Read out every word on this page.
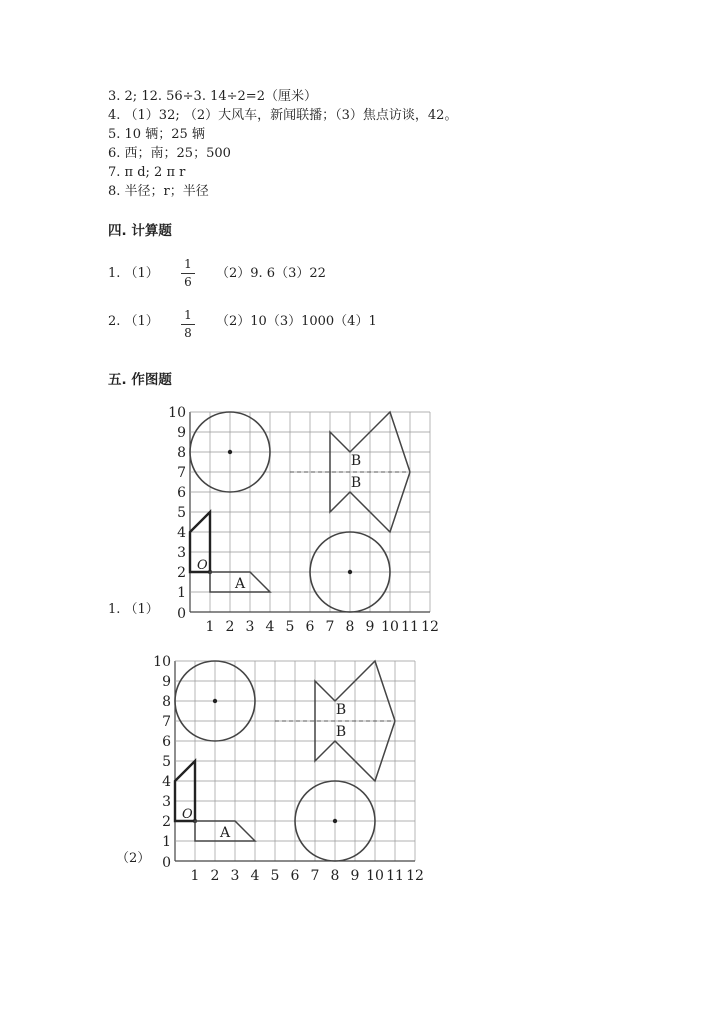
3. 2; 12. 56÷3. 14÷2=2（厘米）
4. （1）32; （2）大风车，新闻联播；（3）焦点访谈，42。
5. 10 辆；25 辆
6. 西；南；25；500
7. π d; 2 π r
8. 半径；r；半径
四. 计算题
1. （1）
1
6
（2）9. 6（3）22
2. （1） 1
8
（2）10（3）1000（4）1
五. 作图题
1. （1）
（2）
1 2 3 4 5 6 7 8 9 10 11 12
1
2
3
4
5
6
7
8
9
10
0
O
A
B
B
1 2 3 4 5 6 7 8 9 10 11 12
1
2
3
4
5
6
7
8
9
10
0
O
A
B
B
